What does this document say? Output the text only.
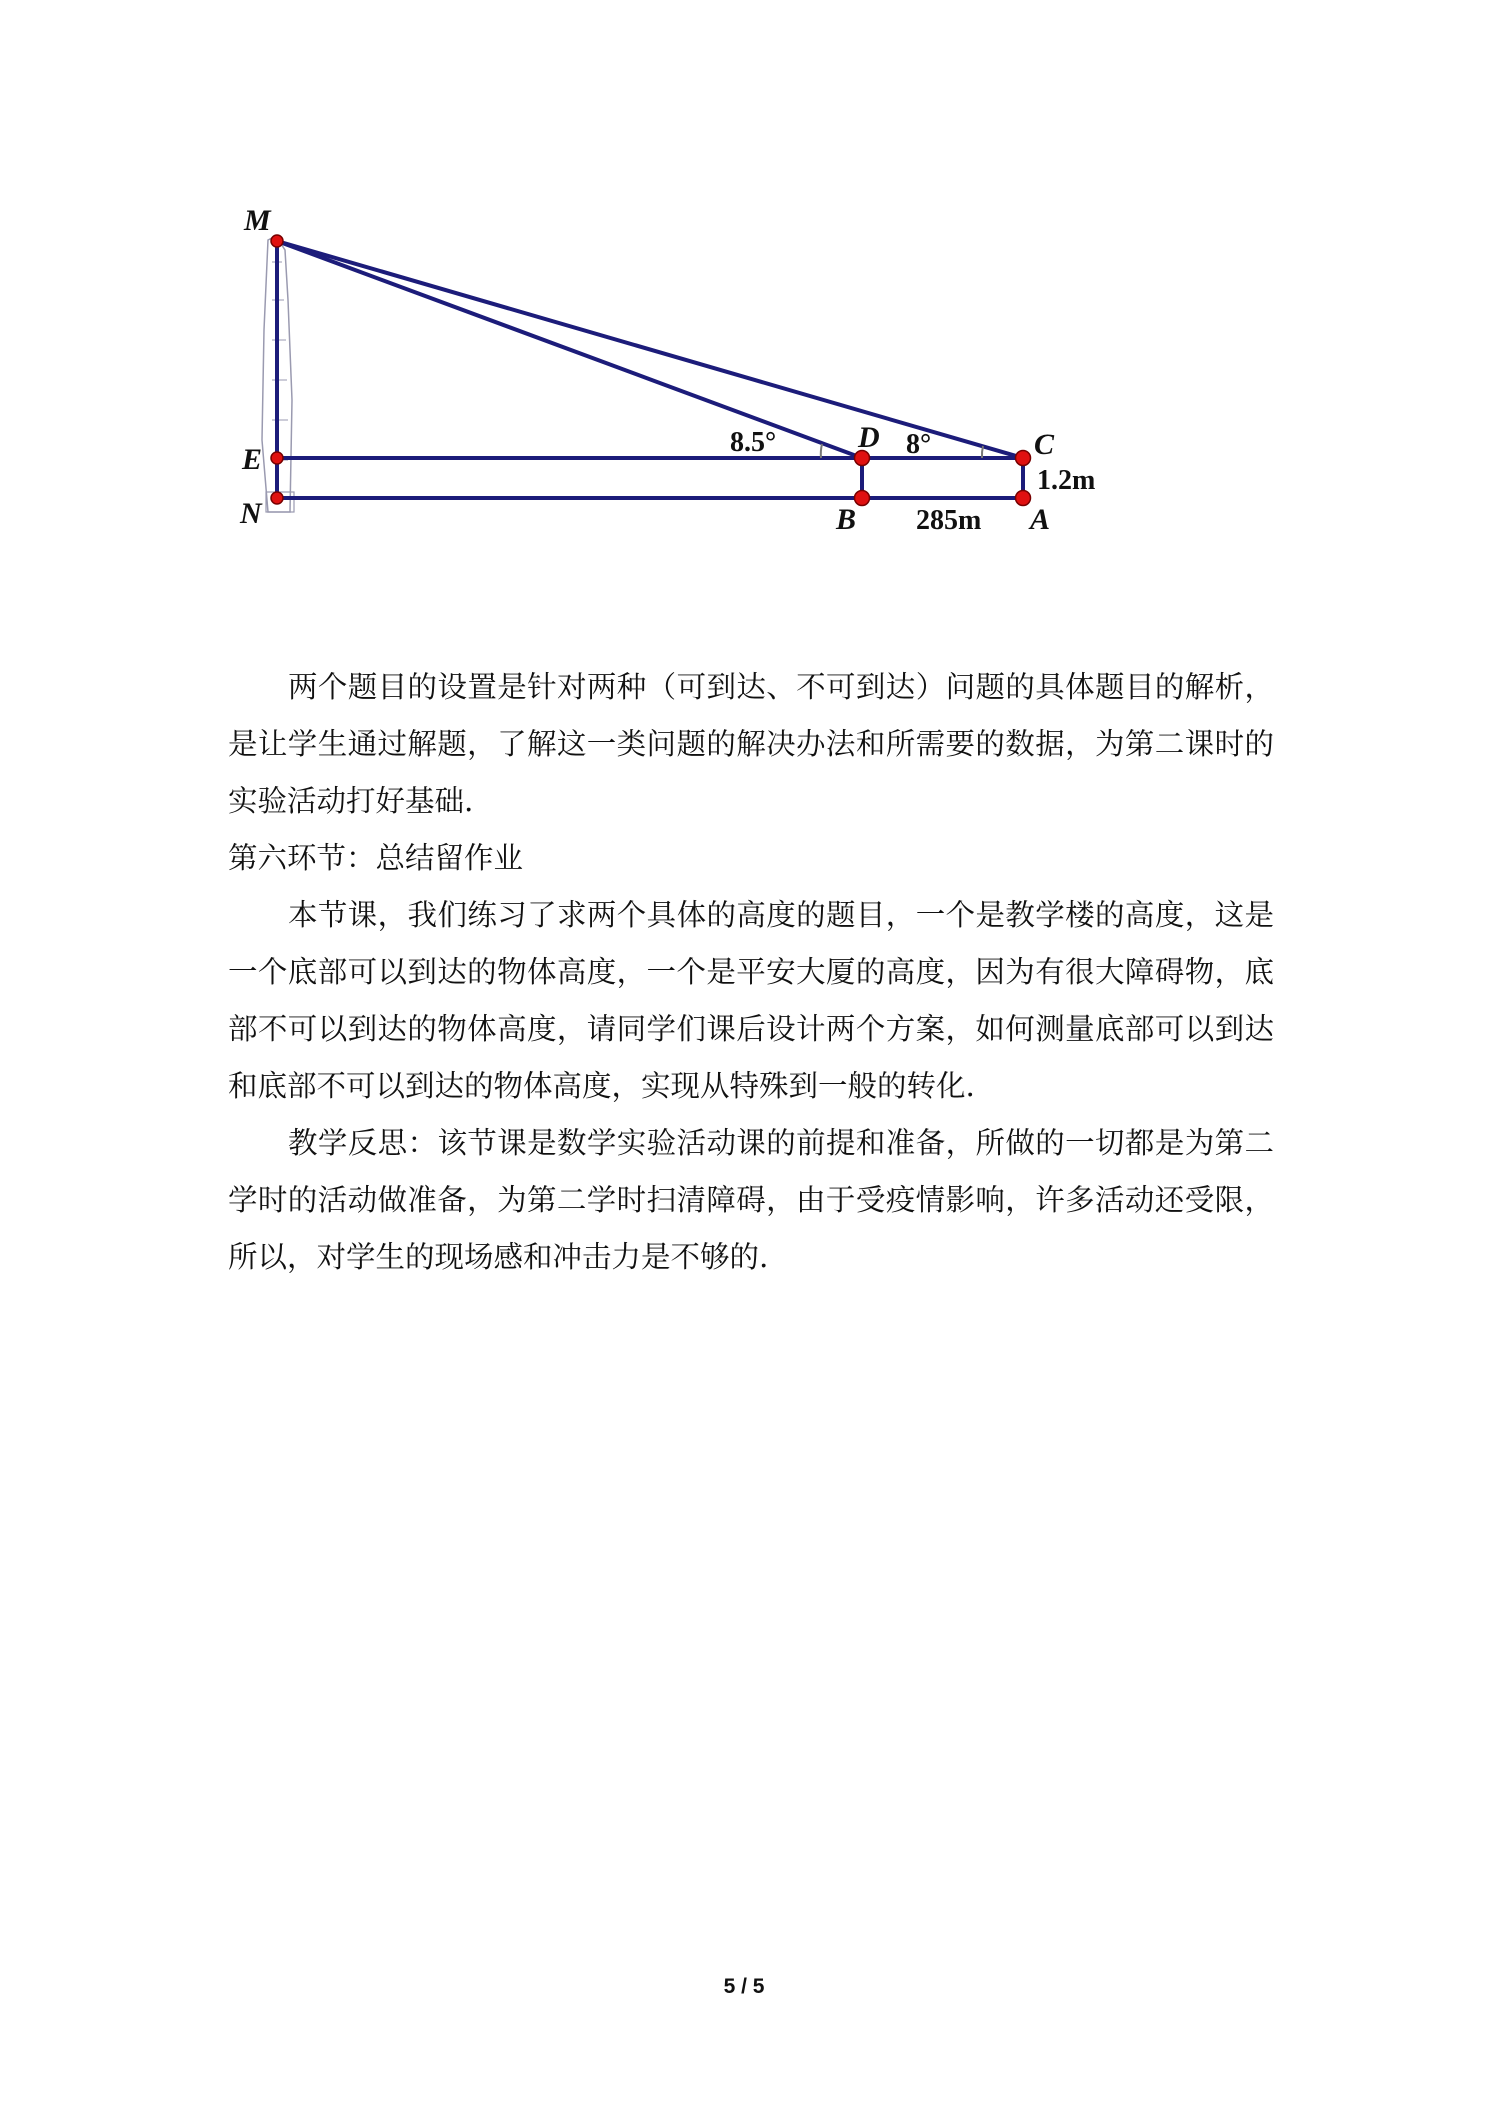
M
E
N
D	C
B	A
8.5°	8°
1.2m
285m

两个题目的设置是针对两种（可到达、不可到达）问题的具体题目的解析，是让学生通过解题，了解这一类问题的解决办法和所需要的数据，为第二课时的实验活动打好基础.

第六环节：总结留作业

本节课，我们练习了求两个具体的高度的题目，一个是教学楼的高度，这是一个底部可以到达的物体高度，一个是平安大厦的高度，因为有很大障碍物，底部不可以到达的物体高度，请同学们课后设计两个方案，如何测量底部可以到达和底部不可以到达的物体高度，实现从特殊到一般的转化.

教学反思：该节课是数学实验活动课的前提和准备，所做的一切都是为第二学时的活动做准备，为第二学时扫清障碍，由于受疫情影响，许多活动还受限，所以，对学生的现场感和冲击力是不够的.

5 / 5
